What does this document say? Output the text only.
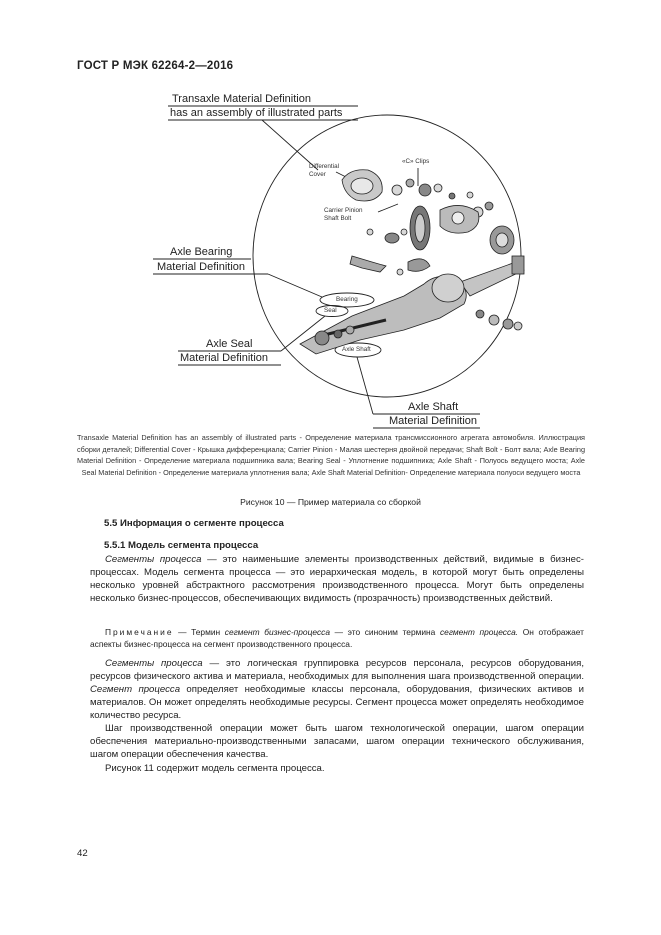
ГОСТ Р МЭК 62264-2—2016
Transaxle Material Definition
has an assembly of illustrated parts
Axle Bearing
Material Definition
Axle Seal
Material Definition
Axle Shaft
Material Definition
Differential
Cover
«С» Clips
Carrier Pinion
Shaft Bolt
Bearing
Seal
Axle Shaft
Transaxle Material Definition has an assembly of illustrated parts - Определение материала трансмиссионного агрегата автомобиля. Иллюстрация сборки деталей; Differential Cover - Крышка дифференциала; Carrier Pinion - Малая шестерня двойной передачи; Shaft Bolt - Болт вала; Axle Bearing Material Definition - Определение материала подшипника вала; Bearing Seal - Уплотнение подшипника; Axle Shaft - Полуось ведущего моста; Axle Seal Material Definition - Определение материала уплотнения вала; Axle Shaft Material Definition- Определение материала полуоси ведущего моста
Рисунок 10 — Пример материала со сборкой
5.5 Информация о сегменте процесса
5.5.1 Модель сегмента процесса

Сегменты процесса — это наименьшие элементы производственных действий, видимые в бизнес-процессах. Модель сегмента процесса — это иерархическая модель, в которой могут быть определены несколько уровней абстрактного рассмотрения производственного процесса. Могут быть определены несколько бизнес-процессов, обеспечивающих видимость (прозрачность) производственных действий.

Примечание — Термин сегмент бизнес-процесса — это синоним термина сегмент процесса. Он отображает аспекты бизнес-процесса на сегмент производственного процесса.

Сегменты процесса — это логическая группировка ресурсов персонала, ресурсов оборудования, ресурсов физического актива и материала, необходимых для выполнения шага производственной операции. Сегмент процесса определяет необходимые классы персонала, оборудования, физических активов и материалов. Он может определять необходимые ресурсы. Сегмент процесса может определять необходимое количество ресурса.

Шаг производственной операции может быть шагом технологической операции, шагом операции обеспечения материально-производственными запасами, шагом операции технического обслуживания, шагом операции обеспечения качества.

Рисунок 11 содержит модель сегмента процесса.

42
